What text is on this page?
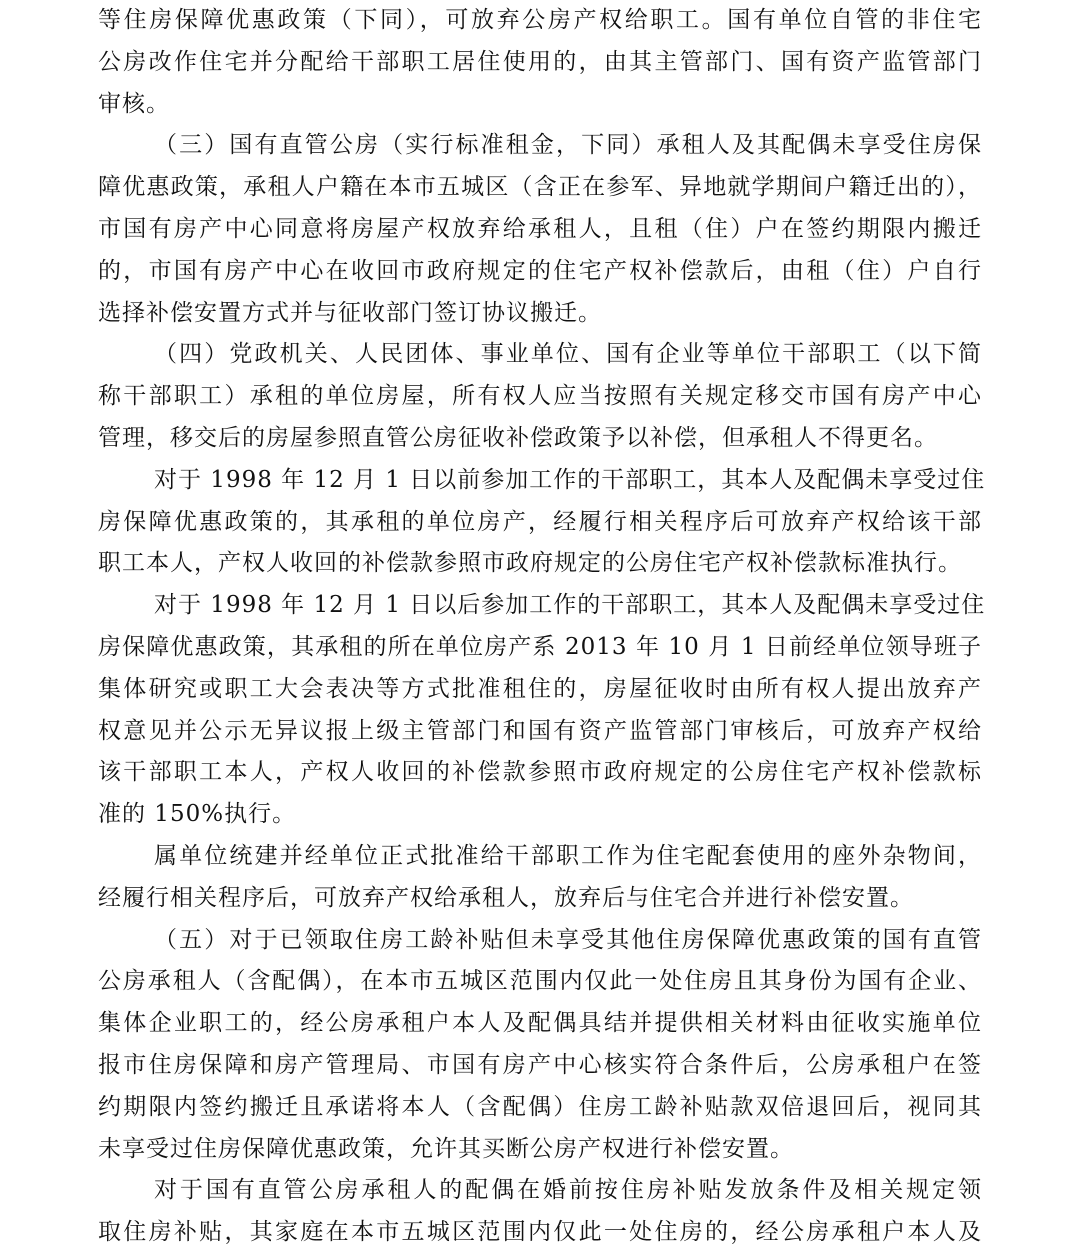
等住房保障优惠政策（下同），可放弃公房产权给职工。国有单位自管的非住宅
公房改作住宅并分配给干部职工居住使用的，由其主管部门、国有资产监管部门
审核。
（三）国有直管公房（实行标准租金，下同）承租人及其配偶未享受住房保
障优惠政策，承租人户籍在本市五城区（含正在参军、异地就学期间户籍迁出的），
市国有房产中心同意将房屋产权放弃给承租人，且租（住）户在签约期限内搬迁
的，市国有房产中心在收回市政府规定的住宅产权补偿款后，由租（住）户自行
选择补偿安置方式并与征收部门签订协议搬迁。
（四）党政机关、人民团体、事业单位、国有企业等单位干部职工（以下简
称干部职工）承租的单位房屋，所有权人应当按照有关规定移交市国有房产中心
管理，移交后的房屋参照直管公房征收补偿政策予以补偿，但承租人不得更名。
对于 1998 年 12 月 1 日以前参加工作的干部职工，其本人及配偶未享受过住
房保障优惠政策的，其承租的单位房产，经履行相关程序后可放弃产权给该干部
职工本人，产权人收回的补偿款参照市政府规定的公房住宅产权补偿款标准执行。
对于 1998 年 12 月 1 日以后参加工作的干部职工，其本人及配偶未享受过住
房保障优惠政策，其承租的所在单位房产系 2013 年 10 月 1 日前经单位领导班子
集体研究或职工大会表决等方式批准租住的，房屋征收时由所有权人提出放弃产
权意见并公示无异议报上级主管部门和国有资产监管部门审核后，可放弃产权给
该干部职工本人，产权人收回的补偿款参照市政府规定的公房住宅产权补偿款标
准的 150%执行。
属单位统建并经单位正式批准给干部职工作为住宅配套使用的座外杂物间，
经履行相关程序后，可放弃产权给承租人，放弃后与住宅合并进行补偿安置。
（五）对于已领取住房工龄补贴但未享受其他住房保障优惠政策的国有直管
公房承租人（含配偶），在本市五城区范围内仅此一处住房且其身份为国有企业、
集体企业职工的，经公房承租户本人及配偶具结并提供相关材料由征收实施单位
报市住房保障和房产管理局、市国有房产中心核实符合条件后，公房承租户在签
约期限内签约搬迁且承诺将本人（含配偶）住房工龄补贴款双倍退回后，视同其
未享受过住房保障优惠政策，允许其买断公房产权进行补偿安置。
对于国有直管公房承租人的配偶在婚前按住房补贴发放条件及相关规定领
取住房补贴，其家庭在本市五城区范围内仅此一处住房的，经公房承租户本人及
